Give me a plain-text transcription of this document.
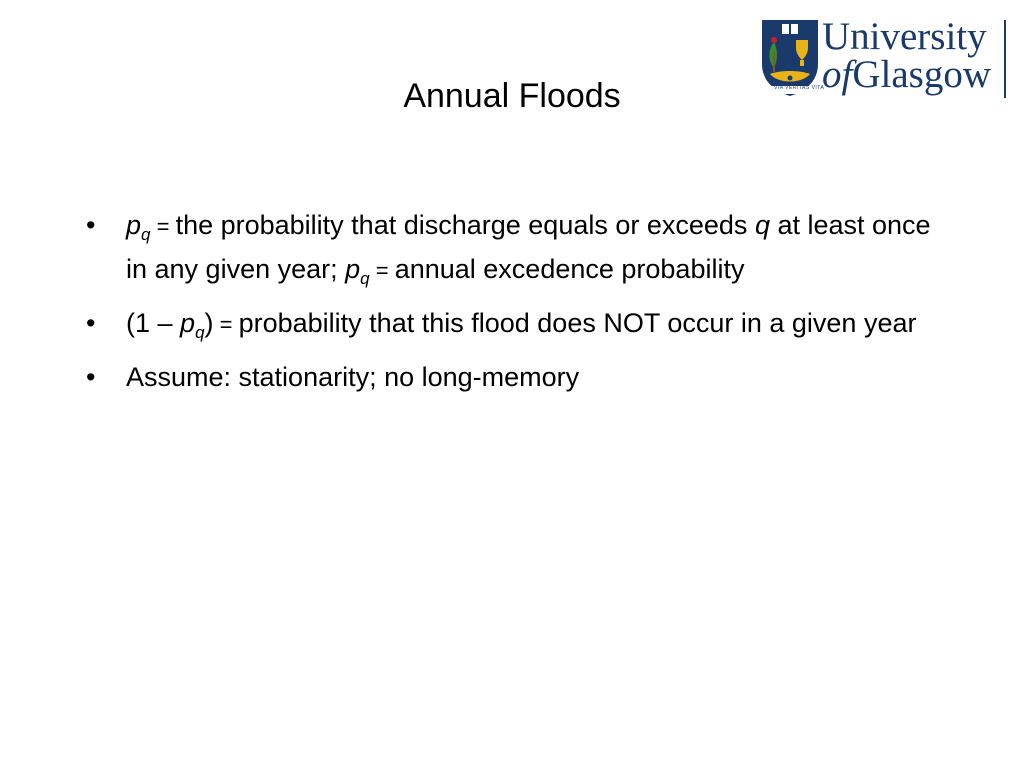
Annual Floods	VIA VERITAS VITA
University
ofGlasgow
• $p_q$ = the probability that discharge equals or exceeds q at least once in any given year; $p_q$ = annual excedence probability
• $(1 - p_q)$ = probability that this flood does NOT occur in a given year
• Assume: stationarity; no long-memory
